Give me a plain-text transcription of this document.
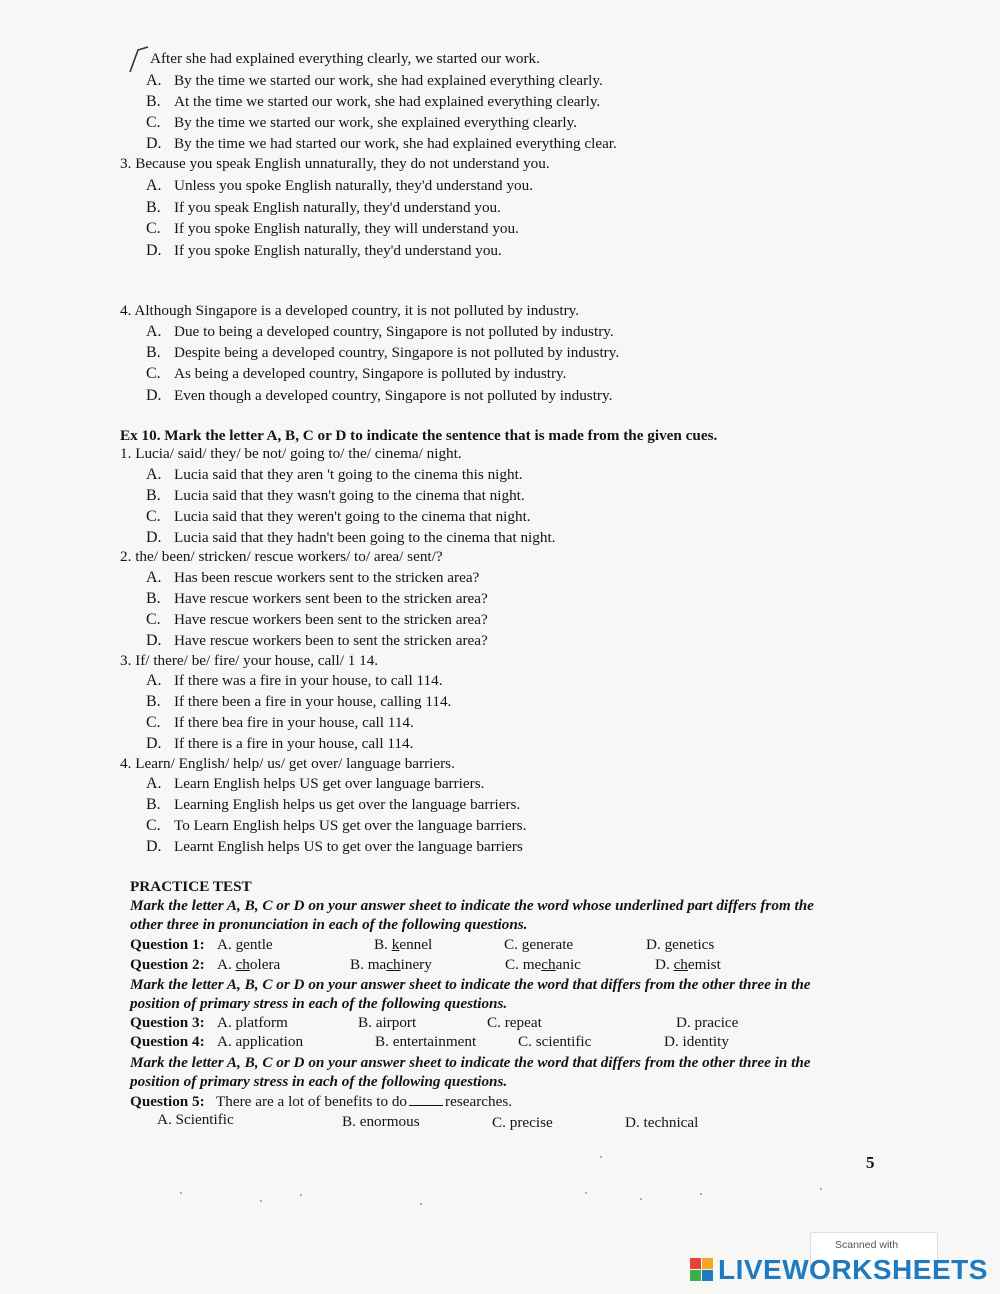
After she had explained everything clearly, we started our work.
A. By the time we started our work, she had explained everything clearly.
B. At the time we started our work, she had explained everything clearly.
C. By the time we started our work, she explained everything clearly.
D. By the time we had started our work, she had explained everything clear.
3. Because you speak English unnaturally, they do not understand you.
A. Unless you spoke English naturally, they'd understand you.
B. If you speak English naturally, they'd understand you.
C. If you spoke English naturally, they will understand you.
D. If you spoke English naturally, they'd understand you.
4. Although Singapore is a developed country, it is not polluted by industry.
A. Due to being a developed country, Singapore is not polluted by industry.
B. Despite being a developed country, Singapore is not polluted by industry.
C. As being a developed country, Singapore is polluted by industry.
D. Even though a developed country, Singapore is not polluted by industry.
Ex 10. Mark the letter A, B, C or D to indicate the sentence that is made from the given cues.
1. Lucia/ said/ they/ be not/ going to/ the/ cinema/ night.
A. Lucia said that they aren 't going to the cinema this night.
B. Lucia said that they wasn't going to the cinema that night.
C. Lucia said that they weren't going to the cinema that night.
D. Lucia said that they hadn't been going to the cinema that night.
2. the/ been/ stricken/ rescue workers/ to/ area/ sent/?
A. Has been rescue workers sent to the stricken area?
B. Have rescue workers sent been to the stricken area?
C. Have rescue workers been sent to the stricken area?
D. Have rescue workers been to sent the stricken area?
3. If/ there/ be/ fire/ your house, call/ 1 14.
A. If there was a fire in your house, to call 114.
B. If there been a fire in your house, calling 114.
C. If there bea fire in your house, call 114.
D. If there is a fire in your house, call 114.
4. Learn/ English/ help/ us/ get over/ language barriers.
A. Learn English helps US get over language barriers.
B. Learning English helps us get over the language barriers.
C. To Learn English helps US get over the language barriers.
D. Learnt English helps US to get over the language barriers
PRACTICE TEST
Mark the letter A, B, C or D on your answer sheet to indicate the word whose underlined part differs from the
other three in pronunciation in each of the following questions.
Question 1: A. gentle	B. kennel	C. generate	D. genetics
Question 2: A. cholera	B. machinery	C. mechanic	D. chemist
Mark the letter A, B, C or D on your answer sheet to indicate the word that differs from the other three in the
position of primary stress in each of the following questions.
Question 3: A. platform	B. airport	C. repeat	D. pracice
Question 4: A. application	B. entertainment	C. scientific	D. identity
Mark the letter A, B, C or D on your answer sheet to indicate the word that differs from the other three in the
position of primary stress in each of the following questions.
Question 5: There are a lot of benefits to do	researches.
A. Scientific	B. enormous	C. precise	D. technical
5
Scanned with
LIVEWORKSHEETS
